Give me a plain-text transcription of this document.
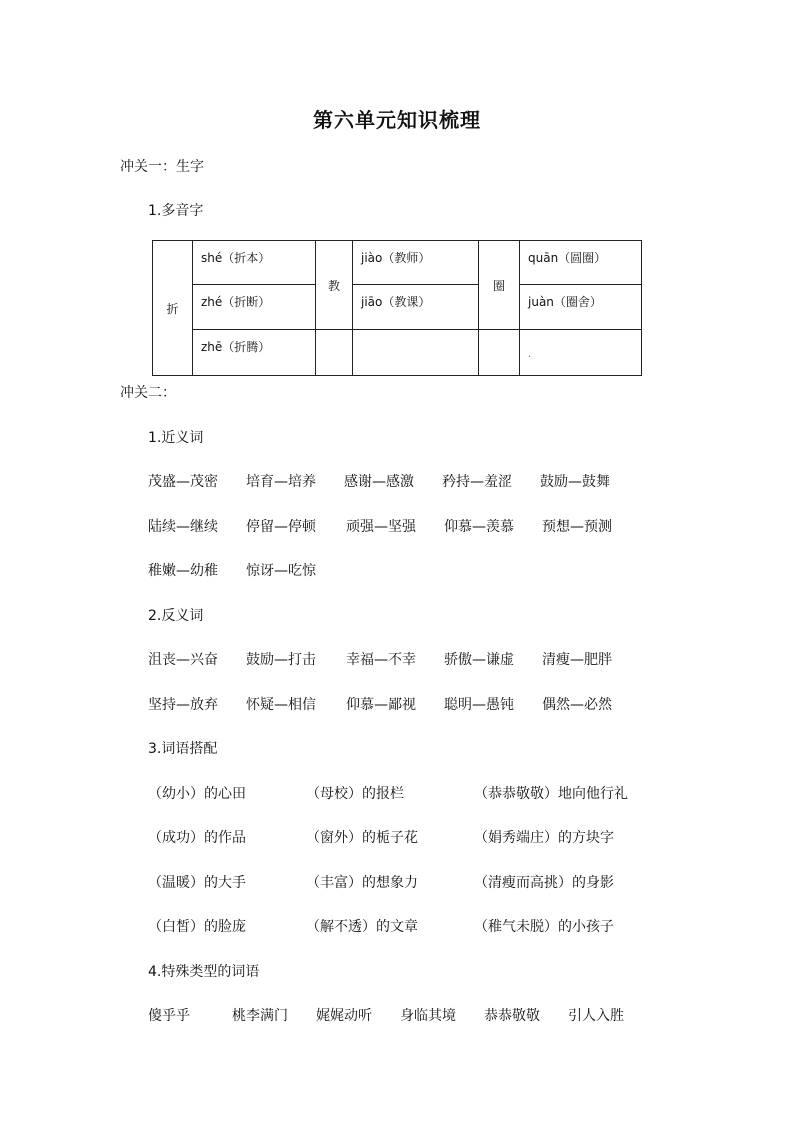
第六单元知识梳理
冲关一：生字
1.多音字
折	shé（折本）	教	jiào（教师）	圈	quān（圆圈）
	zhé（折断）		jiāo（教课）		juàn（圈舍）
	zhē（折腾）				.
冲关二：
1.近义词
茂盛—茂密 培育—培养 感谢—感激 矜持—羞涩 鼓励—鼓舞
陆续—继续 停留—停顿 顽强—坚强 仰慕—羡慕 预想—预测
稚嫩—幼稚 惊讶—吃惊
2.反义词
沮丧—兴奋 鼓励—打击 幸福—不幸 骄傲—谦虚 清瘦—肥胖
坚持—放弃 怀疑—相信 仰慕—鄙视 聪明—愚钝 偶然—必然
3.词语搭配
（幼小）的心田	（母校）的报栏	（恭恭敬敬）地向他行礼
（成功）的作品	（窗外）的栀子花	（娟秀端庄）的方块字
（温暖）的大手	（丰富）的想象力	（清瘦而高挑）的身影
（白皙）的脸庞	（解不透）的文章	（稚气未脱）的小孩子
4.特殊类型的词语
傻乎乎	桃李满门 娓娓动听 身临其境 恭恭敬敬 引人入胜
